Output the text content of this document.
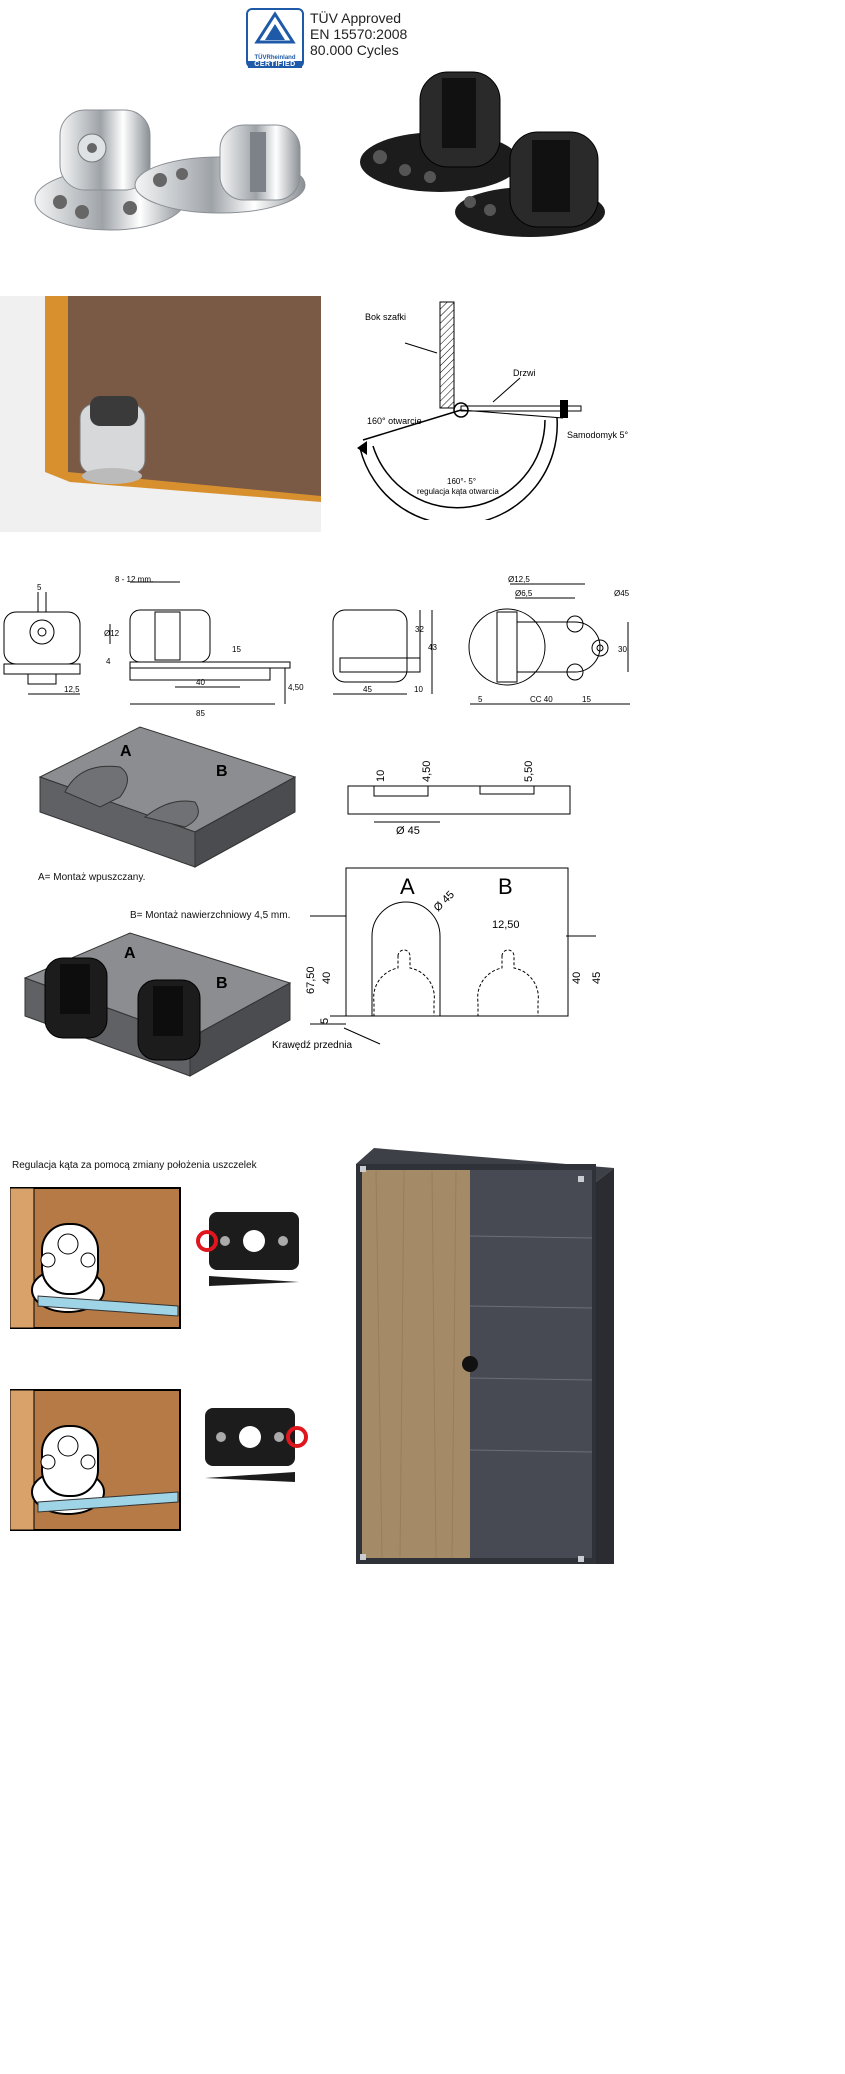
TÜVRheinland
CERTIFIED
TÜV Approved
EN 15570:2008
80.000 Cycles
Bok szafki
Drzwi
160° otwarcie
Samodomyk 5°
160°- 5°
regulacja kąta otwarcia
5
12,5
8 - 12 mm.
Ø12
15
4
40
85
4,50
32
43
10
45
Ø12,5
Ø6,5	Ø45
30
5	CC 40	15
A
B	10	4,50	5,50
Ø 45
A= Montaż wpuszczany.
B= Montaż nawierzchniowy 4,5 mm.
A
B
A	B
Ø 45
12,50
67,50 40
5
40 45
Krawędź przednia
Regulacja kąta za pomocą zmiany położenia uszczelek
